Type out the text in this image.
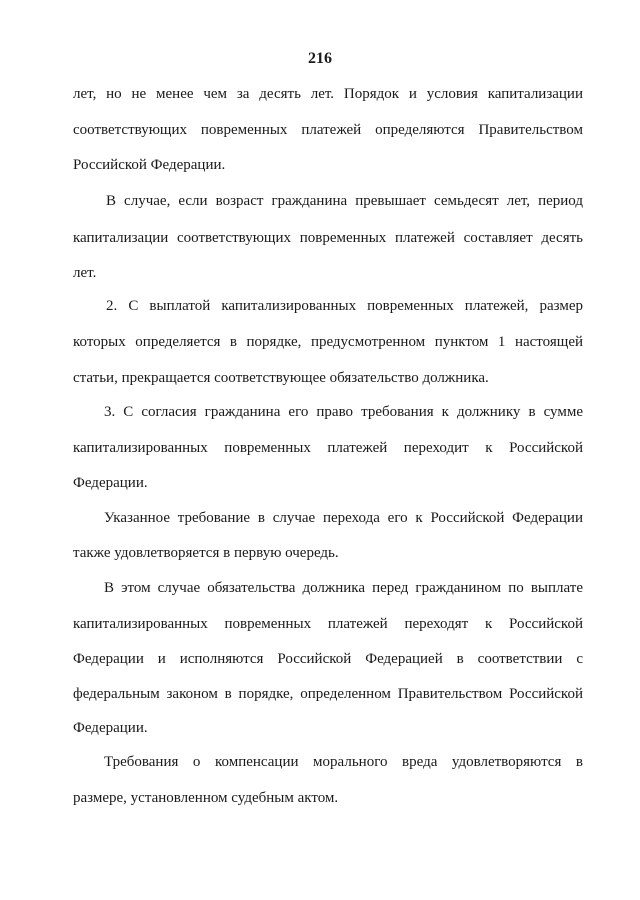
216

лет, но не менее чем за десять лет. Порядок и условия капитализации

соответствующих повременных платежей определяются Правительством

Российской Федерации.

В случае, если возраст гражданина превышает семьдесят лет, период

капитализации соответствующих повременных платежей составляет десять

лет.

2. С выплатой капитализированных повременных платежей, размер

которых определяется в порядке, предусмотренном пунктом 1 настоящей

статьи, прекращается соответствующее обязательство должника.

3. С согласия гражданина его право требования к должнику в сумме

капитализированных повременных платежей переходит к Российской

Федерации.

Указанное требование в случае перехода его к Российской Федерации

также удовлетворяется в первую очередь.

В этом случае обязательства должника перед гражданином по выплате

капитализированных повременных платежей переходят к Российской

Федерации и исполняются Российской Федерацией в соответствии с

федеральным законом в порядке, определенном Правительством Российской

Федерации.

Требования о компенсации морального вреда удовлетворяются в

размере, установленном судебным актом.
